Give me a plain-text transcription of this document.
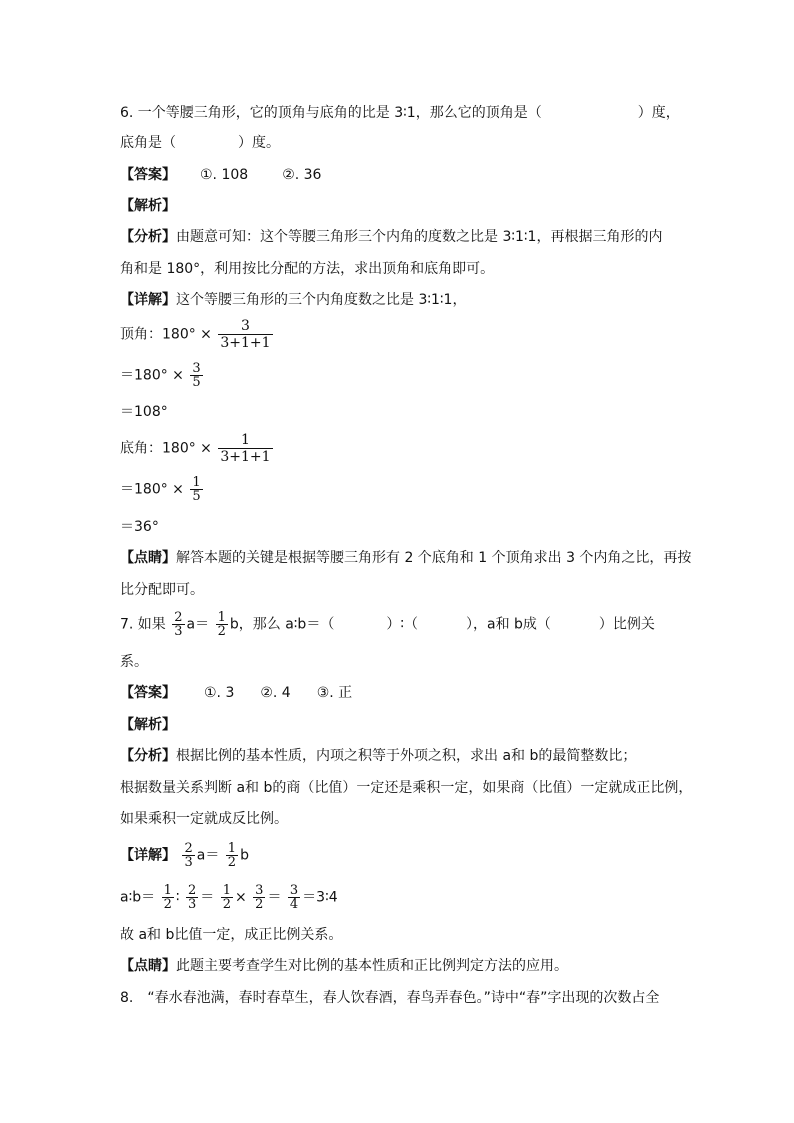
6. 一个等腰三角形，它的顶角与底角的比是 3∶1，那么它的顶角是（	）度，
底角是（	）度。
【答案】 ①. 108 ②. 36
【解析】
【分析】由题意可知：这个等腰三角形三个内角的度数之比是 3∶1∶1，再根据三角形的内
角和是 180°，利用按比分配的方法，求出顶角和底角即可。
【详解】这个等腰三角形的三个内角度数之比是 3∶1∶1，
顶角：$180^\circ \times \frac{3}{3+1+1}$
$=180^\circ \times \frac{3}{5}$
＝108°
底角：$180^\circ \times \frac{1}{3+1+1}$
$=180^\circ \times \frac{1}{5}$
＝36°
【点睛】解答本题的关键是根据等腰三角形有 2 个底角和 1 个顶角求出 3 个内角之比，再按
比分配即可。
7. 如果 $\frac{2}{3} a= \frac{1}{2}$ b，那么 a∶b＝（	）∶（	），a和 b成（	）比例关
系。
【答案】 ①. 3 ②. 4 ③. 正
【解析】
【分析】根据比例的基本性质，内项之积等于外项之积，求出 a和 b的最简整数比；
根据数量关系判断 a和 b的商（比值）一定还是乘积一定，如果商（比值）一定就成正比例，
如果乘积一定就成反比例。
【详解】 $\frac{2}{3} a= \frac{1}{2}$ b
a∶b＝ $\frac{1}{2}$ ∶ $\frac{2}{3} = \frac{1}{2} \times \frac{3}{2} = \frac{3}{4}$ ＝3∶4
故 a和 b比值一定，成正比例关系。
【点睛】此题主要考查学生对比例的基本性质和正比例判定方法的应用。
8.　“春水春池满，春时春草生，春人饮春酒，春鸟弄春色。”诗中“春”字出现的次数占全
